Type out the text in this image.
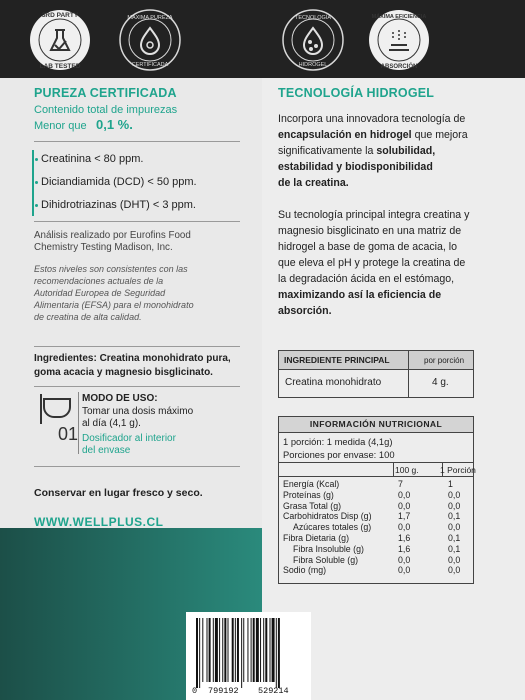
3RD PARTY
LAB TESTED
MÁXIMA PUREZA
CERTIFICADA
TECNOLOGÍA
HIDROGEL
MÁXIMA EFICIENCIA
ABSORCIÓN
PUREZA CERTIFICADA
Contenido total de impurezas
Menor que 0,1 %.
Creatinina < 80 ppm.
Diciandiamida (DCD) < 50 ppm.
Dihidrotriazinas (DHT) < 3 ppm.
Análisis realizado por Eurofins Food
Chemistry Testing Madison, Inc.
Estos niveles son consistentes con las
recomendaciones actuales de la
Autoridad Europea de Seguridad
Alimentaria (EFSA) para el monohidrato
de creatina de alta calidad.
Ingredientes: Creatina monohidrato pura,
goma acacia y magnesio bisglicinato.
01
MODO DE USO:
Tomar una dosis máximo
al día (4,1 g).
Dosificador al interior
del envase
Conservar en lugar fresco y seco.
WWW.WELLPLUS.CL
TECNOLOGÍA HIDROGEL
Incorpora una innovadora tecnología de
encapsulación en hidrogel que mejora
significativamente la solubilidad,
estabilidad y biodisponibilidad
de la creatina.
Su tecnología principal integra creatina y
magnesio bisglicinato en una matriz de
hidrogel a base de goma de acacia, lo
que eleva el pH y protege la creatina de
la degradación ácida en el estómago,
maximizando así la eficiencia de
absorción.
INGREDIENTE PRINCIPAL	por porción
Creatina monohidrato	4 g.
INFORMACIÓN NUTRICIONAL
1 porción: 1 medida (4,1g)
Porciones por envase: 100
100 g.	1 Porción
Energía (Kcal)	7	1
Proteínas (g)	0,0	0,0
Grasa Total (g)	0,0	0,0
Carbohidratos Disp (g)	1,7	0,1
Azúcares totales (g)	0,0	0,0
Fibra Dietaria (g)	1,6	0,1
Fibra Insoluble (g)	1,6	0,1
Fibra Soluble (g)	0,0	0,0
Sodio (mg)	0,0	0,0
0 799192 529214
